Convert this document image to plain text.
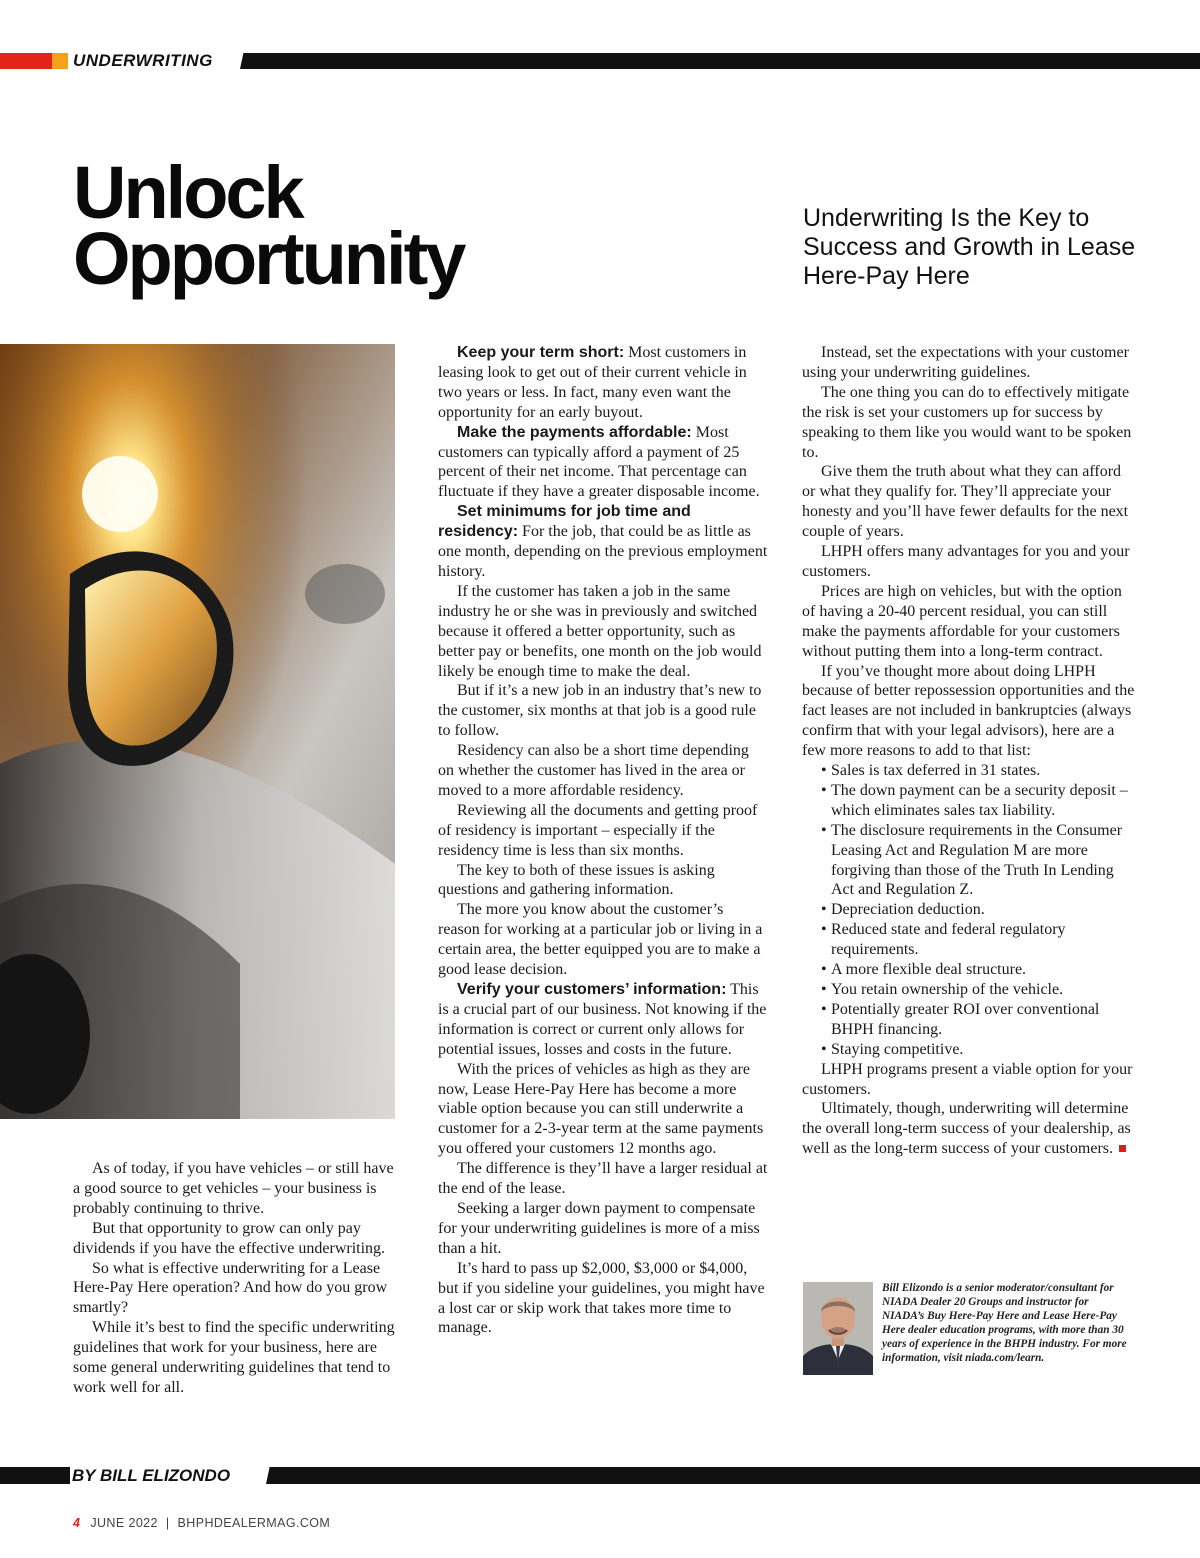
UNDERWRITING
Unlock
Opportunity	Underwriting Is the Key to Success and Growth in Lease Here-Pay Here

As of today, if you have vehicles – or still have a good source to get vehicles – your business is probably continuing to thrive.

But that opportunity to grow can only pay dividends if you have the effective underwriting.

So what is effective underwriting for a Lease Here-Pay Here operation? And how do you grow smartly?

While it’s best to find the specific underwriting guidelines that work for your business, here are some general underwriting guidelines that tend to work well for all.

Keep your term short: Most customers in leasing look to get out of their current vehicle in two years or less. In fact, many even want the opportunity for an early buyout.

Make the payments affordable: Most customers can typically afford a payment of 25 percent of their net income. That percentage can fluctuate if they have a greater disposable income.

Set minimums for job time and residency: For the job, that could be as little as one month, depending on the previous employment history.

If the customer has taken a job in the same industry he or she was in previously and switched because it offered a better opportunity, such as better pay or benefits, one month on the job would likely be enough time to make the deal.

But if it’s a new job in an industry that’s new to the customer, six months at that job is a good rule to follow.

Residency can also be a short time depending on whether the customer has lived in the area or moved to a more affordable residency.

Reviewing all the documents and getting proof of residency is important – especially if the residency time is less than six months.

The key to both of these issues is asking questions and gathering information.

The more you know about the customer’s reason for working at a particular job or living in a certain area, the better equipped you are to make a good lease decision.

Verify your customers’ information: This is a crucial part of our business. Not knowing if the information is correct or current only allows for potential issues, losses and costs in the future.

With the prices of vehicles as high as they are now, Lease Here-Pay Here has become a more viable option because you can still underwrite a customer for a 2-3-year term at the same payments you offered your customers 12 months ago.

The difference is they’ll have a larger residual at the end of the lease.

Seeking a larger down payment to compensate for your underwriting guidelines is more of a miss than a hit.

It’s hard to pass up $2,000, $3,000 or $4,000, but if you sideline your guidelines, you might have a lost car or skip work that takes more time to manage.

Instead, set the expectations with your customer using your underwriting guidelines.

The one thing you can do to effectively mitigate the risk is set your customers up for success by speaking to them like you would want to be spoken to.

Give them the truth about what they can afford or what they qualify for. They’ll appreciate your honesty and you’ll have fewer defaults for the next couple of years.

LHPH offers many advantages for you and your customers.

Prices are high on vehicles, but with the option of having a 20-40 percent residual, you can still make the payments affordable for your customers without putting them into a long-term contract.

If you’ve thought more about doing LHPH because of better repossession opportunities and the fact leases are not included in bankruptcies (always confirm that with your legal advisors), here are a few more reasons to add to that list:

• Sales is tax deferred in 31 states.
• The down payment can be a security deposit – which eliminates sales tax liability.
• The disclosure requirements in the Consumer Leasing Act and Regulation M are more forgiving than those of the Truth In Lending Act and Regulation Z.
• Depreciation deduction.
• Reduced state and federal regulatory requirements.
• A more flexible deal structure.
• You retain ownership of the vehicle.
• Potentially greater ROI over conventional BHPH financing.
• Staying competitive.

LHPH programs present a viable option for your customers.

Ultimately, though, underwriting will determine the overall long-term success of your dealership, as well as the long-term success of your customers.

Bill Elizondo is a senior moderator/consultant for NIADA Dealer 20 Groups and instructor for NIADA’s Buy Here-Pay Here and Lease Here-Pay Here dealer education programs, with more than 30 years of experience in the BHPH industry. For more information, visit niada.com/learn.

BY BILL ELIZONDO
4 JUNE 2022 | BHPHDEALERMAG.COM
